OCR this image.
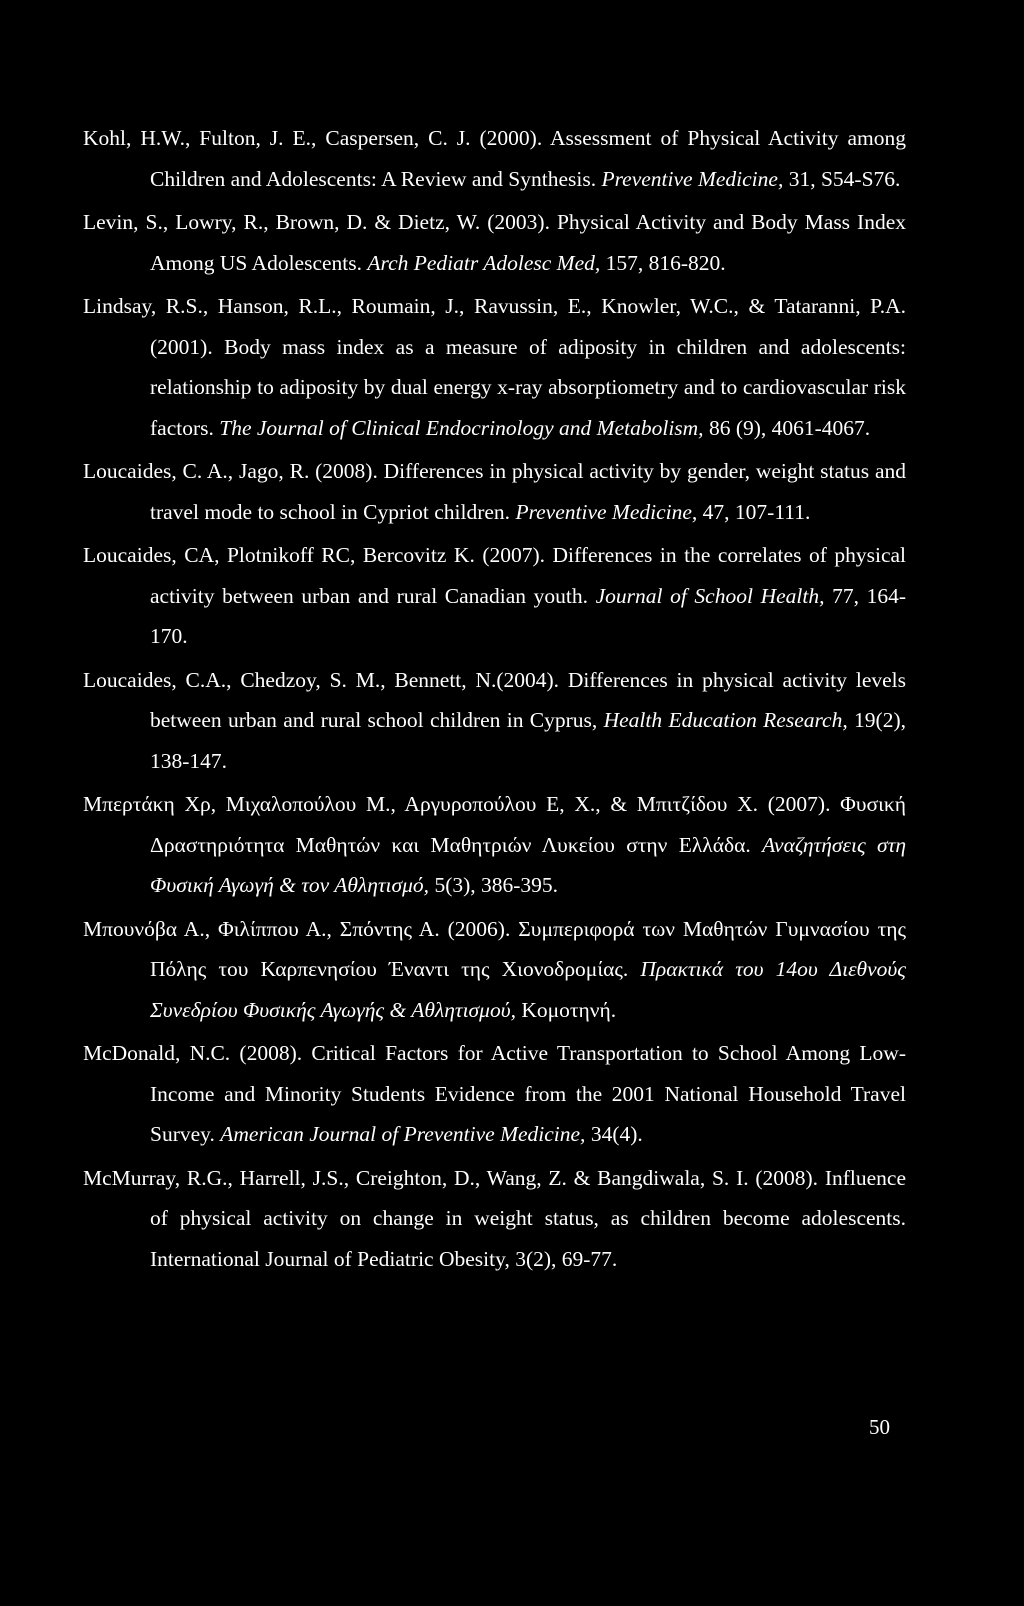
Kohl, H.W., Fulton, J. E., Caspersen, C. J. (2000). Assessment of Physical Activity among Children and Adolescents: A Review and Synthesis. Preventive Medicine, 31, S54-S76.
Levin, S., Lowry, R., Brown, D. & Dietz, W. (2003). Physical Activity and Body Mass Index Among US Adolescents. Arch Pediatr Adolesc Med, 157, 816-820.
Lindsay, R.S., Hanson, R.L., Roumain, J., Ravussin, E., Knowler, W.C., & Tataranni, P.A. (2001). Body mass index as a measure of adiposity in children and adolescents: relationship to adiposity by dual energy x-ray absorptiometry and to cardiovascular risk factors. The Journal of Clinical Endocrinology and Metabolism, 86 (9), 4061-4067.
Loucaides, C. A., Jago, R. (2008). Differences in physical activity by gender, weight status and travel mode to school in Cypriot children. Preventive Medicine, 47, 107-111.
Loucaides, CA, Plotnikoff RC, Bercovitz K. (2007). Differences in the correlates of physical activity between urban and rural Canadian youth. Journal of School Health, 77, 164-170.
Loucaides, C.A., Chedzoy, S. M., Bennett, N.(2004). Differences in physical activity levels between urban and rural school children in Cyprus, Health Education Research, 19(2), 138-147.
Μπερτάκη Χρ, Μιχαλοπούλου Μ., Αργυροπούλου Ε, Χ., & Μπιτζίδου Χ. (2007). Φυσική Δραστηριότητα Μαθητών και Μαθητριών Λυκείου στην Ελλάδα. Αναζητήσεις στη Φυσική Αγωγή & τον Αθλητισμό, 5(3), 386-395.
Μπουνόβα Α., Φιλίππου Α., Σπόντης Α. (2006). Συμπεριφορά των Μαθητών Γυμνασίου της Πόλης του Καρπενησίου Έναντι της Χιονοδρομίας. Πρακτικά του 14ου Διεθνούς Συνεδρίου Φυσικής Αγωγής & Αθλητισμού, Κομοτηνή.
McDonald, N.C. (2008). Critical Factors for Active Transportation to School Among Low-Income and Minority Students Evidence from the 2001 National Household Travel Survey. American Journal of Preventive Medicine, 34(4).
McMurray, R.G., Harrell, J.S., Creighton, D., Wang, Z. & Bangdiwala, S. I. (2008). Influence of physical activity on change in weight status, as children become adolescents. International Journal of Pediatric Obesity, 3(2), 69-77.
50
